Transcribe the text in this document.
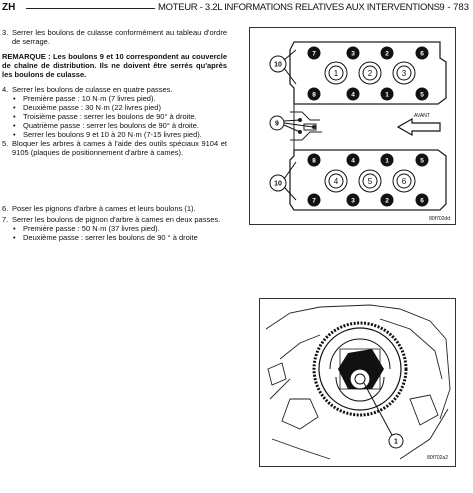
ZH	MOTEUR - 3.2L INFORMATIONS RELATIVES AUX INTERVENTIONS 9 - 783
3. Serrer les boulons de culasse conformément au tableau d'ordre de serrage.
REMARQUE : Les boulons 9 et 10 correspondent au couvercle de chaîne de distribution. Ils ne doivent être serrés qu'après les boulons de culasse.
4. Serrer les boulons de culasse en quatre passes.
• Première passe : 10 N·m (7 livres pied).
• Deuxième passe : 30 N·m (22 livres pied)
• Troisième passe : serrer les boulons de 90° à droite.
• Quatrième passe : serrer les boulons de 90° à droite.
• Serrer les boulons 9 et 10 à 20 N·m (7-15 livres pied).
5. Bloquer les arbres à cames à l'aide des outils spéciaux 9104 et 9105 (plaques de positionnement d'arbre à cames).
6. Poser les pignons d'arbre à cames et leurs boulons (1).
7. Serrer les boulons de pignon d'arbre à cames en deux passes.
• Première passe : 50 N·m (37 livres pied).
• Deuxième passe : serrer les boulons de 90 ° à droite
1	2	3
4	5	6
7	3	2	6
8	4	1	5
8	4	1	5
7	3	2	6
10
9
10
AVANT
80f702dd
1
80f702a2
